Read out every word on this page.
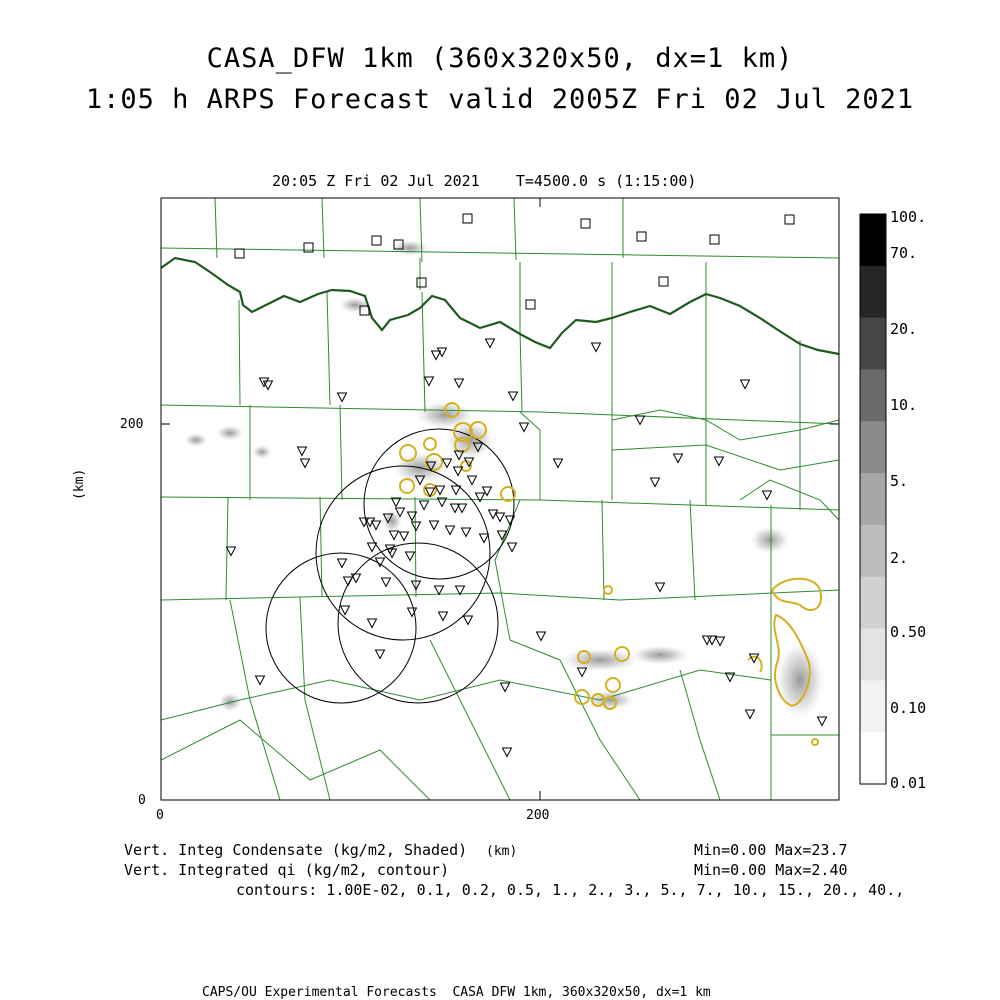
CASA_DFW 1km (360x320x50, dx=1 km)
1:05 h ARPS Forecast valid 2005Z Fri 02 Jul 2021
20:05 Z Fri 02 Jul 2021    T=4500.0 s (1:15:00)
0
200
0	200
(km)
(km)
100.
70.
20.
10.
5.
2.
0.50
0.10
0.01
Vert. Integ Condensate (kg/m2, Shaded)	Min=0.00 Max=23.7
Vert. Integrated qi (kg/m2, contour)	Min=0.00 Max=2.40
contours: 1.00E-02, 0.1, 0.2, 0.5, 1., 2., 3., 5., 7., 10., 15., 20., 40.,
CAPS/OU Experimental Forecasts  CASA DFW 1km, 360x320x50, dx=1 km
